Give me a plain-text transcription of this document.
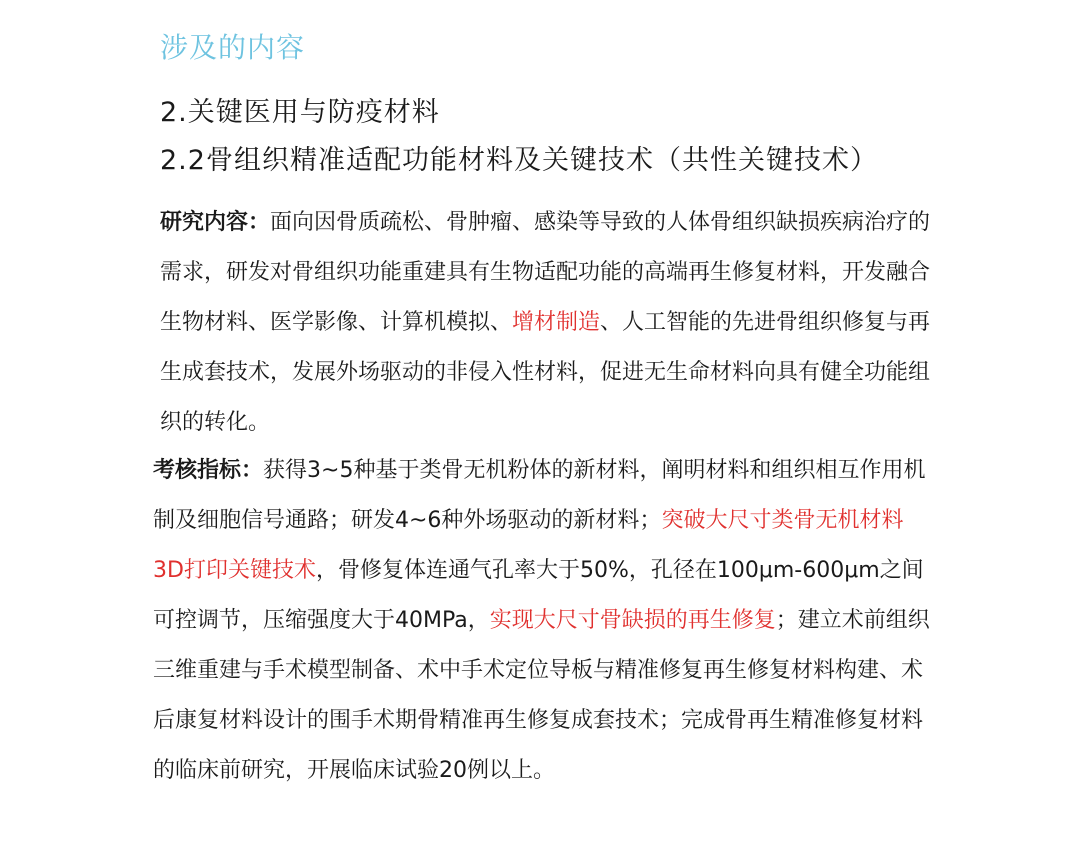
涉及的内容
2.关键医用与防疫材料
2.2骨组织精准适配功能材料及关键技术（共性关键技术）
研究内容：面向因骨质疏松、骨肿瘤、感染等导致的人体骨组织缺损疾病治疗的需求，研发对骨组织功能重建具有生物适配功能的高端再生修复材料，开发融合生物材料、医学影像、计算机模拟、增材制造、人工智能的先进骨组织修复与再生成套技术，发展外场驱动的非侵入性材料，促进无生命材料向具有健全功能组织的转化。
考核指标：获得3~5种基于类骨无机粉体的新材料，阐明材料和组织相互作用机制及细胞信号通路；研发4~6种外场驱动的新材料；突破大尺寸类骨无机材料3D打印关键技术，骨修复体连通气孔率大于50%，孔径在100μm-600μm之间可控调节，压缩强度大于40MPa，实现大尺寸骨缺损的再生修复；建立术前组织三维重建与手术模型制备、术中手术定位导板与精准修复再生修复材料构建、术后康复材料设计的围手术期骨精准再生修复成套技术；完成骨再生精准修复材料的临床前研究，开展临床试验20例以上。
